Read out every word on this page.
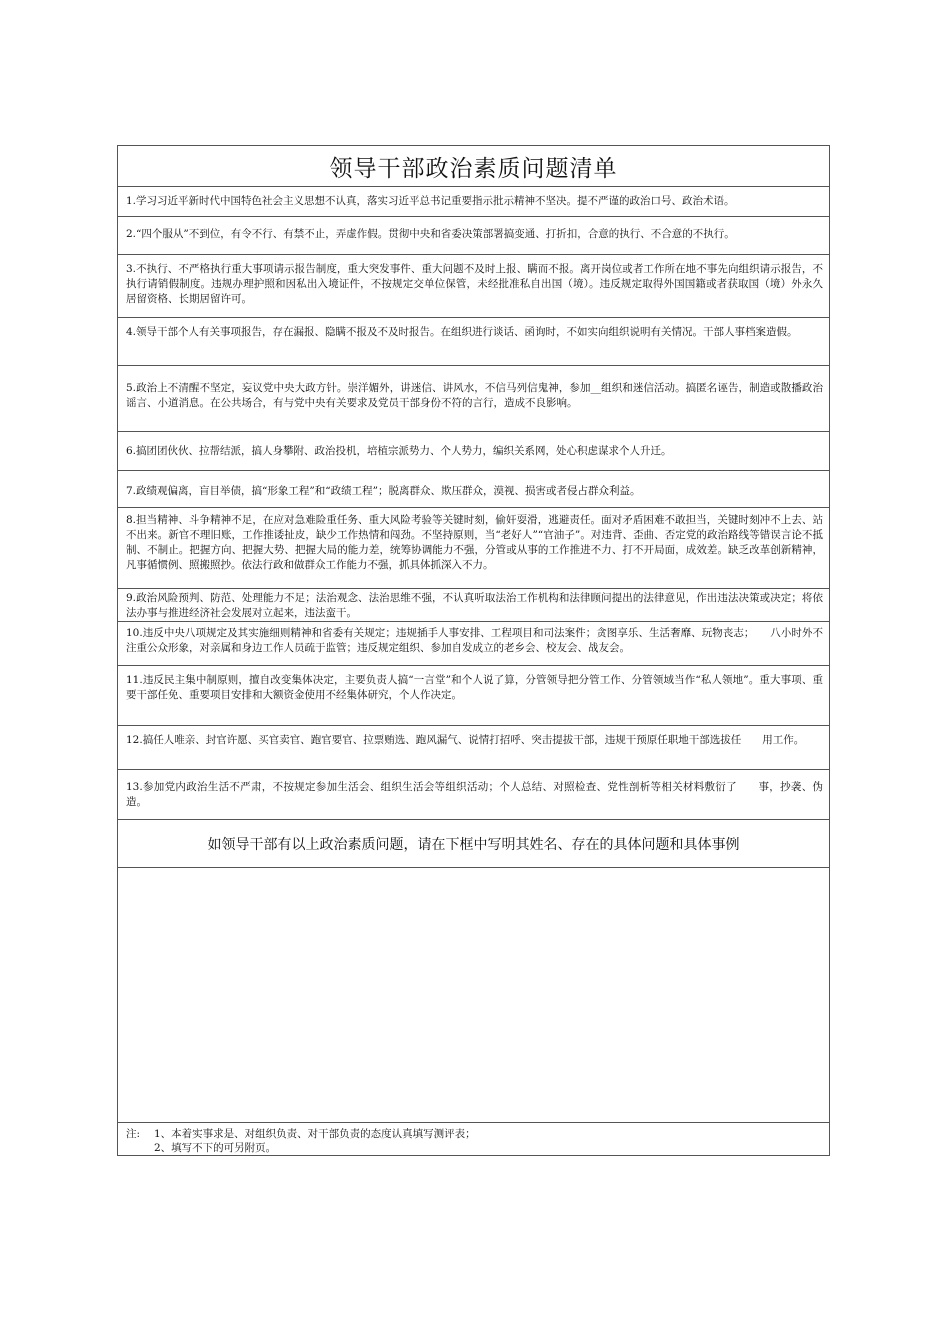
领导干部政治素质问题清单

1.学习习近平新时代中国特色社会主义思想不认真，落实习近平总书记重要指示批示精神不坚决。提不严谨的政治口号、政治术语。

2.“四个服从”不到位，有令不行、有禁不止，弄虚作假。贯彻中央和省委决策部署搞变通、打折扣，合意的执行、不合意的不执行。

3.不执行、不严格执行重大事项请示报告制度，重大突发事件、重大问题不及时上报、瞒而不报。离开岗位或者工作所在地不事先向组织请示报告，不执行请销假制度。违规办理护照和因私出入境证件，不按规定交单位保管，未经批准私自出国（境）。违反规定取得外国国籍或者获取国（境）外永久居留资格、长期居留许可。

4.领导干部个人有关事项报告，存在漏报、隐瞒不报及不及时报告。在组织进行谈话、函询时，不如实向组织说明有关情况。干部人事档案造假。

5.政治上不清醒不坚定，妄议党中央大政方针。崇洋媚外，讲迷信、讲风水，不信马列信鬼神，参加__组织和迷信活动。搞匿名诬告，制造或散播政治谣言、小道消息。在公共场合，有与党中央有关要求及党员干部身份不符的言行，造成不良影响。

6.搞团团伙伙、拉帮结派，搞人身攀附、政治投机，培植宗派势力、个人势力，编织关系网，处心积虑谋求个人升迁。

7.政绩观偏离，盲目举债，搞“形象工程”和“政绩工程”；脱离群众、欺压群众，漠视、损害或者侵占群众利益。

8.担当精神、斗争精神不足，在应对急难险重任务、重大风险考验等关键时刻，偷奸耍滑，逃避责任。面对矛盾困难不敢担当，关键时刻冲不上去、站不出来。新官不理旧账，工作推诿扯皮，缺少工作热情和闯劲。不坚持原则，当“老好人”“官油子”。对违背、歪曲、否定党的政治路线等错误言论不抵制、不制止。把握方向、把握大势、把握大局的能力差，统筹协调能力不强，分管或从事的工作推进不力、打不开局面，成效差。缺乏改革创新精神，凡事循惯例、照搬照抄。依法行政和做群众工作能力不强，抓具体抓深入不力。

9.政治风险预判、防范、处理能力不足；法治观念、法治思维不强，不认真听取法治工作机构和法律顾问提出的法律意见，作出违法决策或决定；将依法办事与推进经济社会发展对立起来，违法蛮干。

10.违反中央八项规定及其实施细则精神和省委有关规定；违规插手人事安排、工程项目和司法案件；贪图享乐、生活奢靡、玩物丧志；　　八小时外不注重公众形象，对亲属和身边工作人员疏于监管；违反规定组织、参加自发成立的老乡会、校友会、战友会。

11.违反民主集中制原则，擅自改变集体决定，主要负责人搞“一言堂”和个人说了算，分管领导把分管工作、分管领域当作“私人领地”。重大事项、重要干部任免、重要项目安排和大额资金使用不经集体研究，个人作决定。

12.搞任人唯亲、封官许愿、买官卖官、跑官要官、拉票贿选、跑风漏气、说情打招呼、突击提拔干部，违规干预原任职地干部选拔任　　用工作。

13.参加党内政治生活不严肃，不按规定参加生活会、组织生活会等组织活动；个人总结、对照检查、党性剖析等相关材料敷衍了　　事，抄袭、伪造。

如领导干部有以上政治素质问题，请在下框中写明其姓名、存在的具体问题和具体事例

注:	1、本着实事求是、对组织负责、对干部负责的态度认真填写测评表；
2、填写不下的可另附页。
